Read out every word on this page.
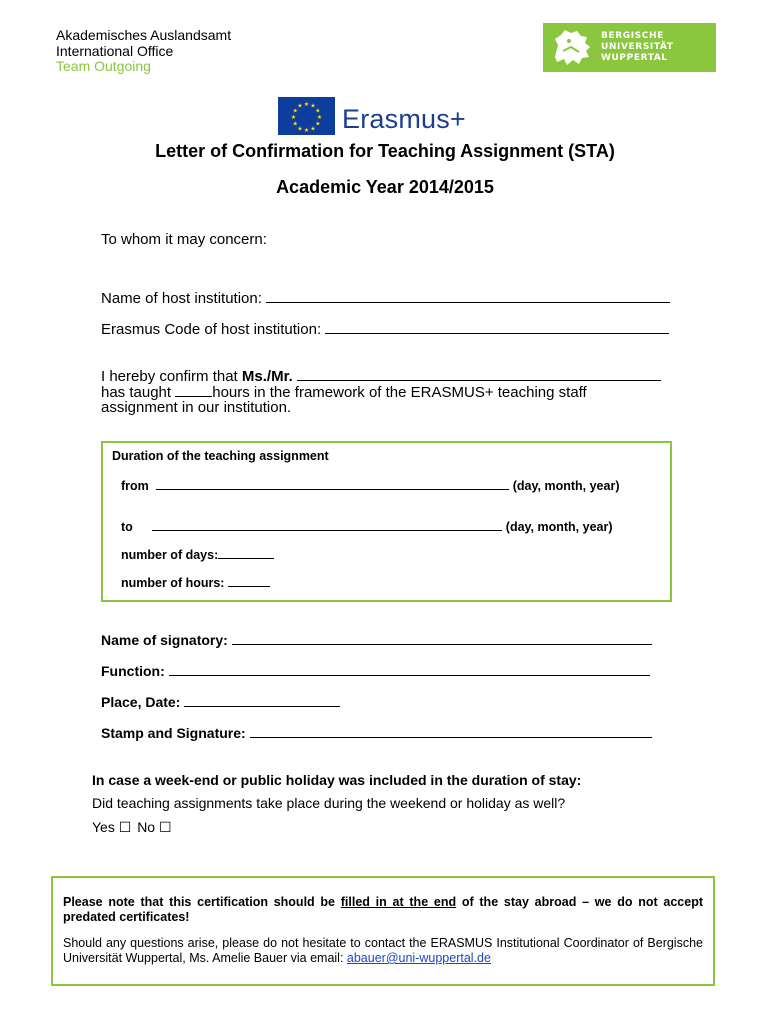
Akademisches Auslandsamt
International Office
Team Outgoing
BERGISCHE
UNIVERSITÄT
WUPPERTAL
★ ★
★
★
★
★
★
★
★
★
★
★ Erasmus+
Letter of Confirmation for Teaching Assignment (STA)
Academic Year 2014/2015
To whom it may concern:
Name of host institution:
Erasmus Code of host institution:
I hereby confirm that Ms./Mr.
has taught hours in the framework of the ERASMUS+ teaching staff
assignment in our institution.
Duration of the teaching assignment
from	(day, month, year)
to	(day, month, year)
number of days:
number of hours:
Name of signatory:
Function:
Place, Date:
Stamp and Signature:
In case a week-end or public holiday was included in the duration of stay:
Did teaching assignments take place during the weekend or holiday as well?
Yes ☐ No ☐
Please note that this certification should be filled in at the end of the stay abroad – we do not accept predated certificates!
Should any questions arise, please do not hesitate to contact the ERASMUS Institutional Coordinator of Bergische Universität Wuppertal, Ms. Amelie Bauer via email: abauer@uni-wuppertal.de
